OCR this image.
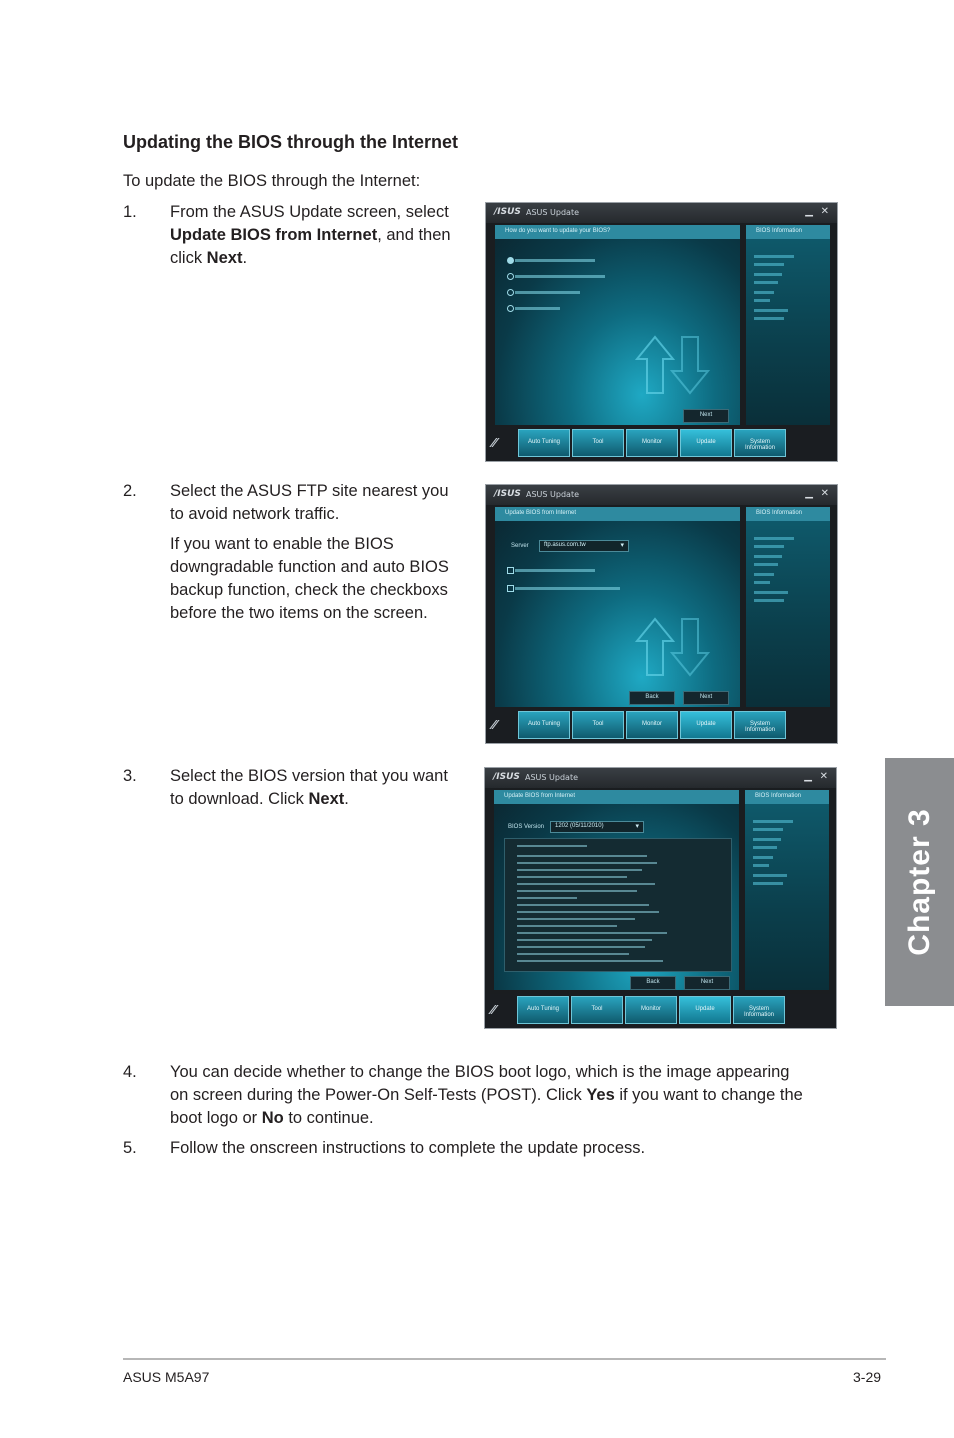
Updating the BIOS through the Internet
To update the BIOS through the Internet:
1. From the ASUS Update screen, select
Update BIOS from Internet, and then
click Next.
2. Select the ASUS FTP site nearest you
to avoid network traffic.
If you want to enable the BIOS
downgradable function and auto BIOS
backup function, check the checkboxs
before the two items on the screen.
3. Select the BIOS version that you want
to download. Click Next.
4. You can decide whether to change the BIOS boot logo, which is the image appearing
on screen during the Power-On Self-Tests (POST). Click Yes if you want to change the
boot logo or No to continue.
5. Follow the onscreen instructions to complete the update process.
/ISUS ASUS Update	▁ ✕
How do you want to update your BIOS?
Next
BIOS Information
⁄⁄	Auto Tuning	Tool	Monitor	Update	System Information
/ISUS ASUS Update	▁ ✕
Update BIOS from Internet
Server	ftp.asus.com.tw	▾
Back	Next
BIOS Information
⁄⁄	Auto Tuning	Tool	Monitor	Update	System Information
/ISUS ASUS Update	▁ ✕
Update BIOS from Internet
BIOS Version 1202 (05/11/2010)	▾
Back	Next
BIOS Information
⁄⁄	Auto Tuning	Tool	Monitor	Update	System Information
Chapter 3
ASUS M5A97	3-29
